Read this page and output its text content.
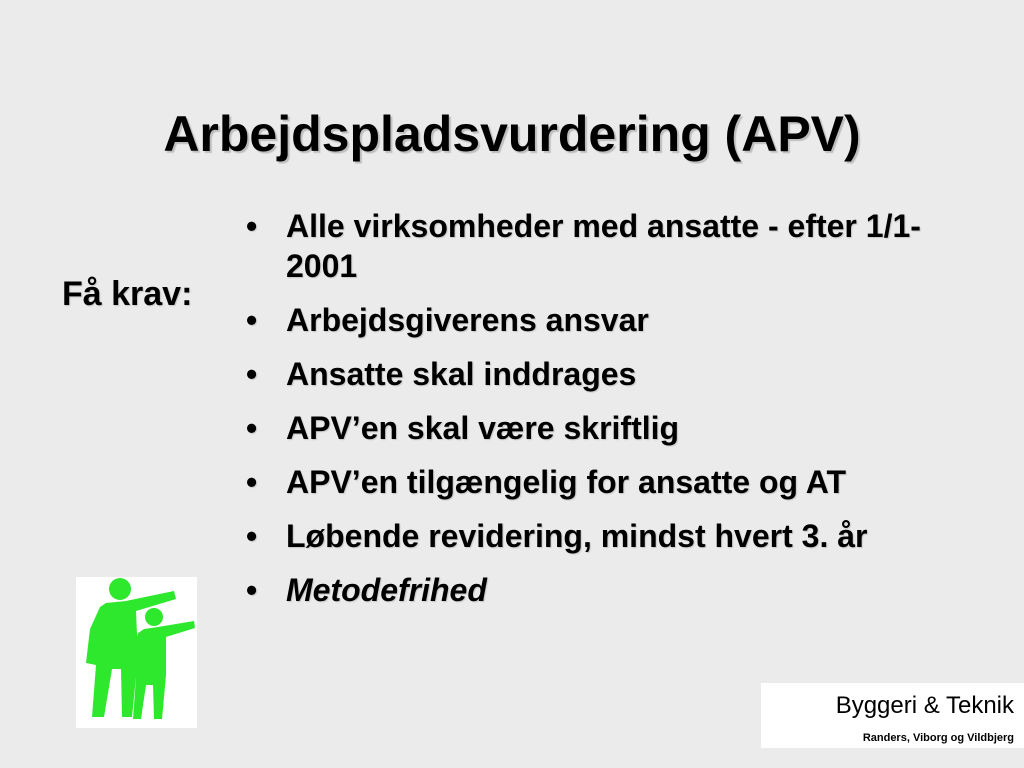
Arbejdspladsvurdering (APV)
Få krav:
• Alle virksomheder med ansatte - efter 1/1-2001
• Arbejdsgiverens ansvar
• Ansatte skal inddrages
• APV’en skal være skriftlig
• APV’en tilgængelig for ansatte og AT
• Løbende revidering, mindst hvert 3. år
• Metodefrihed
Byggeri & Teknik
Randers, Viborg og Vildbjerg
